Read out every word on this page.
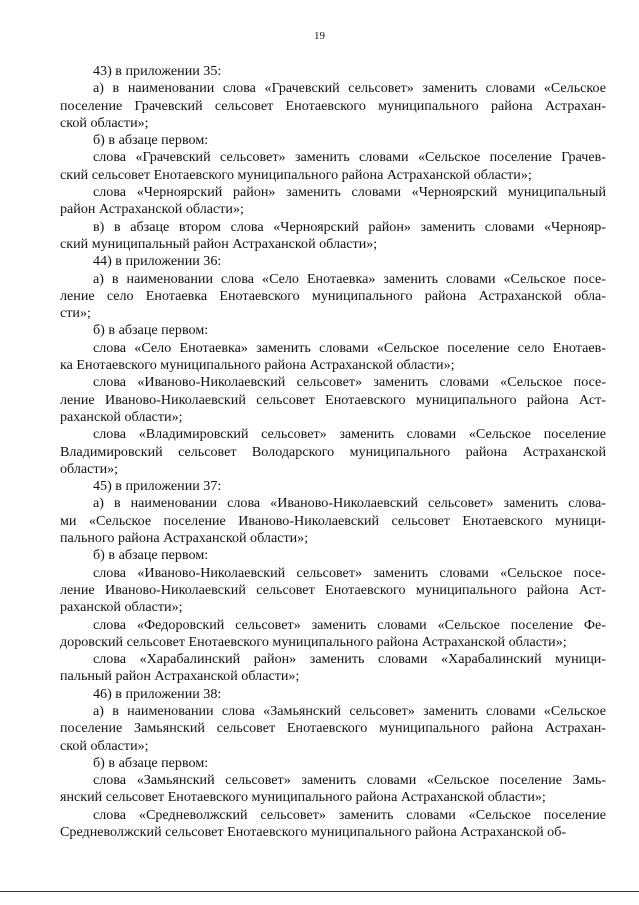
19
43) в приложении 35:
а) в наименовании слова «Грачевский сельсовет» заменить словами «Сельское
поселение Грачевский сельсовет Енотаевского муниципального района Астрахан-
ской области»;
б) в абзаце первом:
слова «Грачевский сельсовет» заменить словами «Сельское поселение Грачев-
ский сельсовет Енотаевского муниципального района Астраханской области»;
слова «Черноярский район» заменить словами «Черноярский муниципальный
район Астраханской области»;
в) в абзаце втором слова «Черноярский район» заменить словами «Чернояр-
ский муниципальный район Астраханской области»;
44) в приложении 36:
а) в наименовании слова «Село Енотаевка» заменить словами «Сельское посе-
ление село Енотаевка Енотаевского муниципального района Астраханской обла-
сти»;
б) в абзаце первом:
слова «Село Енотаевка» заменить словами «Сельское поселение село Енотаев-
ка Енотаевского муниципального района Астраханской области»;
слова «Ивановo-Николаевский сельсовет» заменить словами «Сельское посе-
ление Иваново-Николаевский сельсовет Енотаевского муниципального района Аст-
раханской области»;
слова «Владимировский сельсовет» заменить словами «Сельское поселение
Владимировский сельсовет Володарского муниципального района Астраханской
области»;
45) в приложении 37:
а) в наименовании слова «Иваново-Николаевский сельсовет» заменить слова-
ми «Сельское поселение Иваново-Николаевский сельсовет Енотаевского муници-
пального района Астраханской области»;
б) в абзаце первом:
слова «Иваново-Николаевский сельсовет» заменить словами «Сельское посе-
ление Иваново-Николаевский сельсовет Енотаевского муниципального района Аст-
раханской области»;
слова «Федоровский сельсовет» заменить словами «Сельское поселение Фе-
доровский сельсовет Енотаевского муниципального района Астраханской области»;
слова «Харабалинский район» заменить словами «Харабалинский муници-
пальный район Астраханской области»;
46) в приложении 38:
а) в наименовании слова «Замьянский сельсовет» заменить словами «Сельское
поселение Замьянский сельсовет Енотаевского муниципального района Астрахан-
ской области»;
б) в абзаце первом:
слова «Замьянский сельсовет» заменить словами «Сельское поселение Замь-
янский сельсовет Енотаевского муниципального района Астраханской области»;
слова «Средневолжский сельсовет» заменить словами «Сельское поселение
Средневолжский сельсовет Енотаевского муниципального района Астраханской об-
